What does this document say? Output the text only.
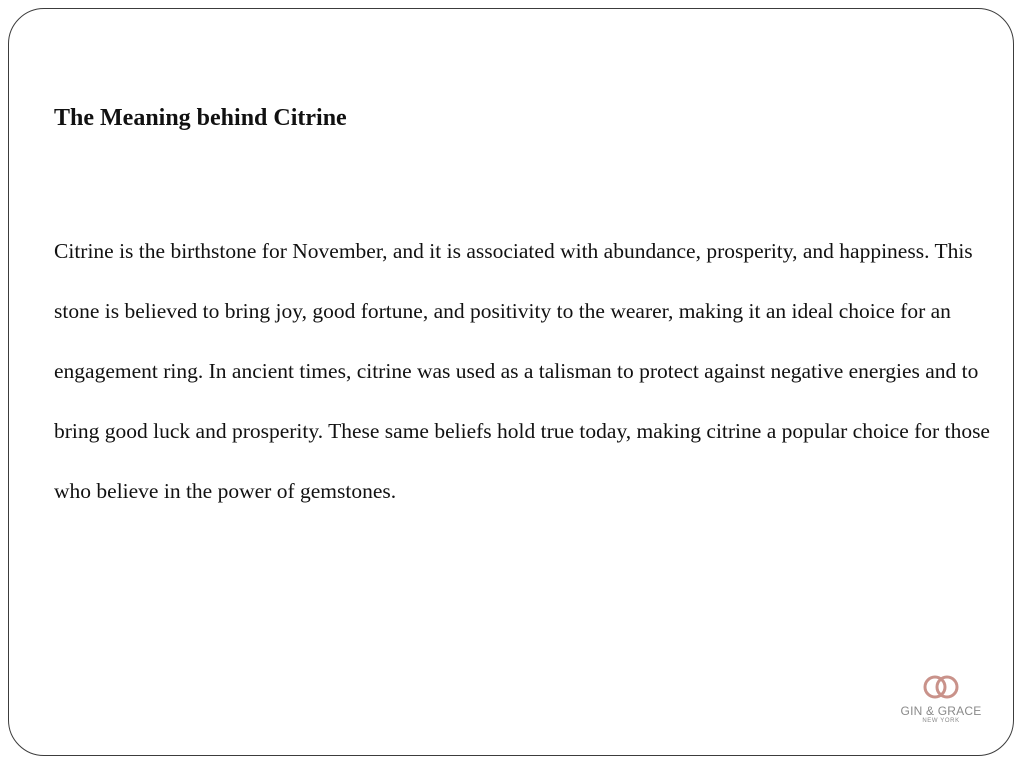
The Meaning behind Citrine

Citrine is the birthstone for November, and it is associated with abundance, prosperity, and happiness. This stone is believed to bring joy, good fortune, and positivity to the wearer, making it an ideal choice for an engagement ring. In ancient times, citrine was used as a talisman to protect against negative energies and to bring good luck and prosperity. These same beliefs hold true today, making citrine a popular choice for those who believe in the power of gemstones.

GIN & GRACE
NEW YORK
